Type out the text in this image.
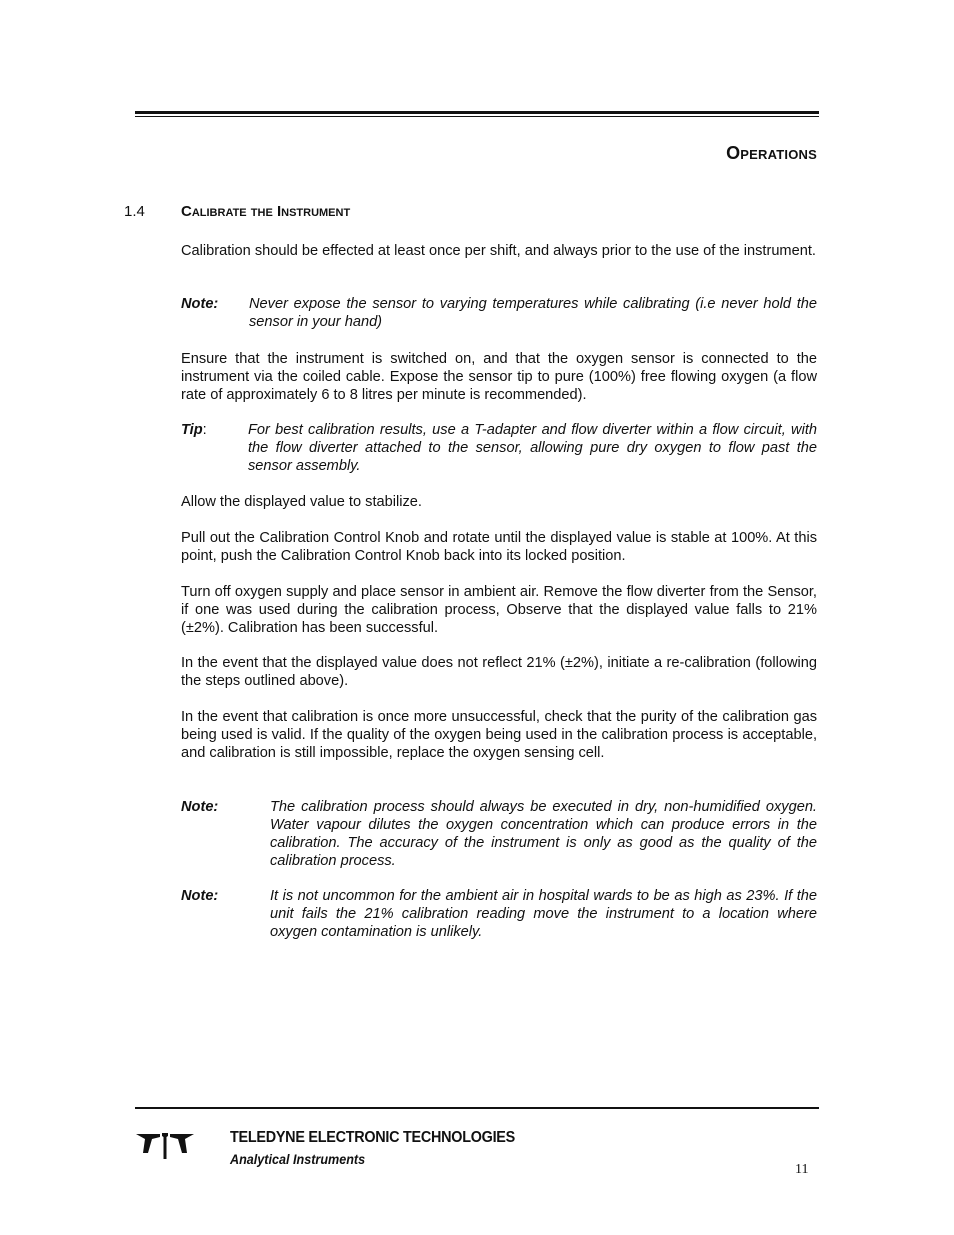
Operations
1.4 Calibrate the Instrument
Calibration should be effected at least once per shift, and always prior to the use of the instrument.
Note: Never expose the sensor to varying temperatures while calibrating (i.e never hold the sensor in your hand)
Ensure that the instrument is switched on, and that the oxygen sensor is connected to the instrument via the coiled cable. Expose the sensor tip to pure (100%) free flowing oxygen (a flow rate of approximately 6 to 8 litres per minute is recommended).
Tip:	For best calibration results, use a T-adapter and flow diverter within a flow circuit, with the flow diverter attached to the sensor, allowing pure dry oxygen to flow past the sensor assembly.
Allow the displayed value to stabilize.
Pull out the Calibration Control Knob and rotate until the displayed value is stable at 100%. At this point, push the Calibration Control Knob back into its locked position.
Turn off oxygen supply and place sensor in ambient air. Remove the flow diverter from the Sensor, if one was used during the calibration process, Observe that the displayed value falls to 21% (±2%). Calibration has been successful.
In the event that the displayed value does not reflect 21% (±2%), initiate a re-calibration (following the steps outlined above).
In the event that calibration is once more unsuccessful, check that the purity of the calibration gas being used is valid. If the quality of the oxygen being used in the calibration process is acceptable, and calibration is still impossible, replace the oxygen sensing cell.
Note:	The calibration process should always be executed in dry, non-humidified oxygen. Water vapour dilutes the oxygen concentration which can produce errors in the calibration. The accuracy of the instrument is only as good as the quality of the calibration process.
Note:	It is not uncommon for the ambient air in hospital wards to be as high as 23%. If the unit fails the 21% calibration reading move the instrument to a location where oxygen contamination is unlikely.
TELEDYNE ELECTRONIC TECHNOLOGIES
Analytical Instruments
11
